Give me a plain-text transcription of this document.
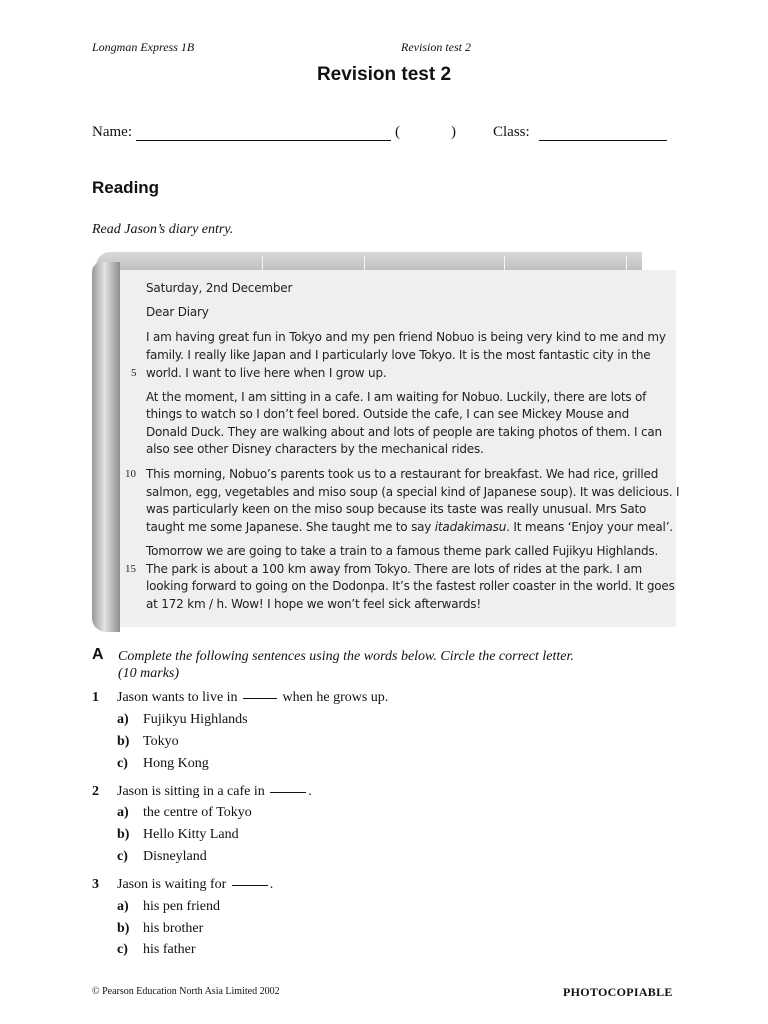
Longman Express 1B	Revision test 2
Revision test 2
Name:	(	) Class:
Reading
Read Jason’s diary entry.
Saturday, 2nd December
Dear Diary
I am having great fun in Tokyo and my pen friend Nobuo is being very kind to me and my
family. I really like Japan and I particularly love Tokyo. It is the most fantastic city in the
world. I want to live here when I grow up.
At the moment, I am sitting in a cafe. I am waiting for Nobuo. Luckily, there are lots of
things to watch so I don’t feel bored. Outside the cafe, I can see Mickey Mouse and
Donald Duck. They are walking about and lots of people are taking photos of them. I can
also see other Disney characters by the mechanical rides.
This morning, Nobuo’s parents took us to a restaurant for breakfast. We had rice, grilled
salmon, egg, vegetables and miso soup (a special kind of Japanese soup). It was delicious. I
was particularly keen on the miso soup because its taste was really unusual. Mrs Sato
taught me some Japanese. She taught me to say itadakimasu. It means ‘Enjoy your meal’.
Tomorrow we are going to take a train to a famous theme park called Fujikyu Highlands.
The park is about a 100 km away from Tokyo. There are lots of rides at the park. I am
looking forward to going on the Dodonpa. It’s the fastest roller coaster in the world. It goes
at 172 km / h. Wow! I hope we won’t feel sick afterwards!
5
10
15
A Complete the following sentences using the words below. Circle the correct letter.
(10 marks)
1 Jason wants to live in	when he grows up.
a) Fujikyu Highlands
b) Tokyo
c) Hong Kong
2 Jason is sitting in a cafe in	.
a) the centre of Tokyo
b) Hello Kitty Land
c) Disneyland
3 Jason is waiting for	.
a) his pen friend
b) his brother
c) his father
© Pearson Education North Asia Limited 2002	PHOTOCOPIABLE
